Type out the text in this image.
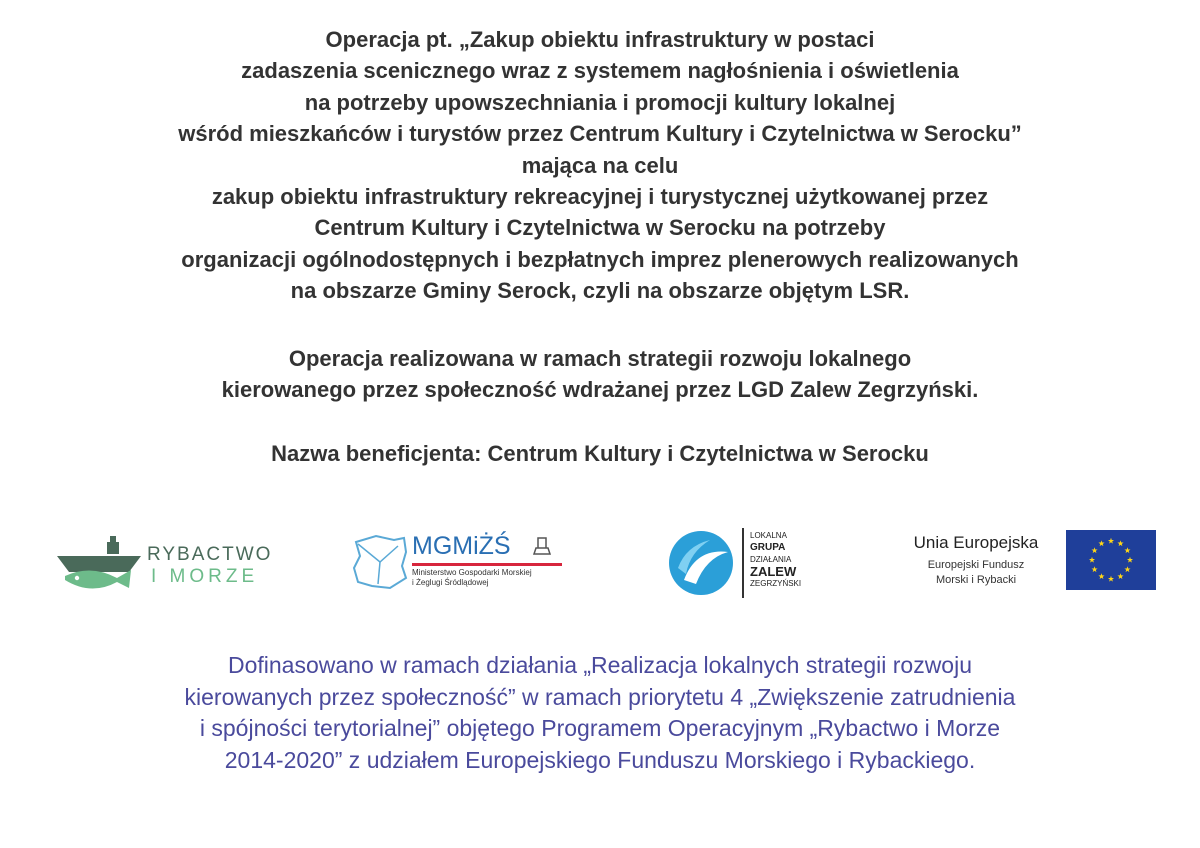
Operacja pt. „Zakup obiektu infrastruktury w postaci
zadaszenia scenicznego wraz z systemem nagłośnienia i oświetlenia
na potrzeby upowszechniania i promocji kultury lokalnej
wśród mieszkańców i turystów przez Centrum Kultury i Czytelnictwa w Serocku”
mająca na celu
zakup obiektu infrastruktury rekreacyjnej i turystycznej użytkowanej przez
Centrum Kultury i Czytelnictwa w Serocku na potrzeby
organizacji ogólnodostępnych i bezpłatnych imprez plenerowych realizowanych
na obszarze Gminy Serock, czyli na obszarze objętym LSR.
Operacja realizowana w ramach strategii rozwoju lokalnego
kierowanego przez społeczność wdrażanej przez LGD Zalew Zegrzyński.
Nazwa beneficjenta: Centrum Kultury i Czytelnictwa w Serocku
RYBACTWO
I MORZE
MGMiŻŚ
Ministerstwo Gospodarki Morskiej
i Żeglugi Śródlądowej
LOKALNA
GRUPA
DZIAŁANIA
ZALEW
ZEGRZYŃSKI
Unia Europejska
Europejski Fundusz
Morski i Rybacki
Dofinasowano w ramach działania „Realizacja lokalnych strategii rozwoju
kierowanych przez społeczność” w ramach priorytetu 4 „Zwiększenie zatrudnienia
i spójności terytorialnej” objętego Programem Operacyjnym „Rybactwo i Morze
2014-2020” z udziałem Europejskiego Funduszu Morskiego i Rybackiego.
